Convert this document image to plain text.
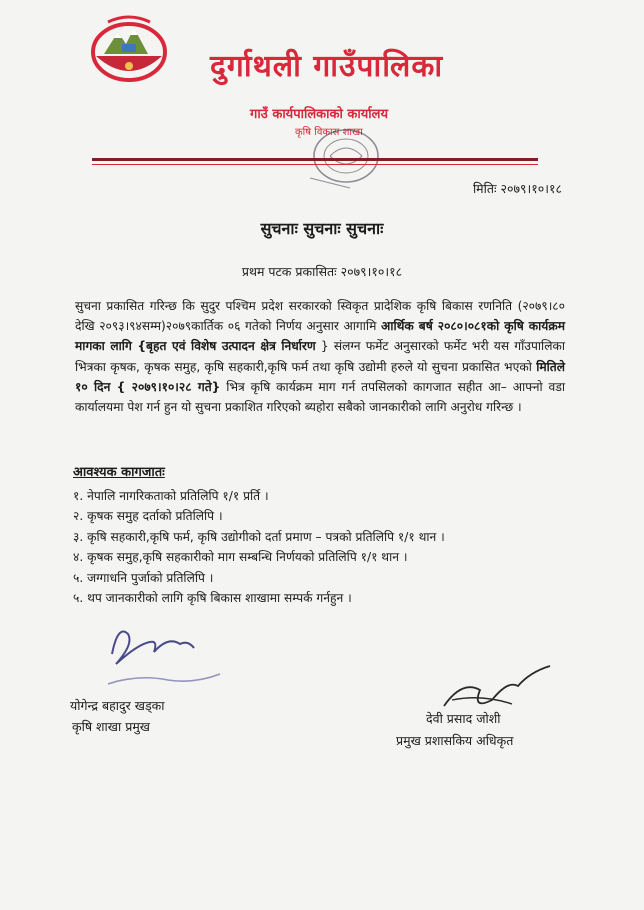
दुर्गाथली गाउँपालिका
गाउँ कार्यपालिकाको कार्यालय
कृषि विकास शाखा
मितिः २०७९।१०।१८
सुचनाः सुचनाः सुचनाः
प्रथम पटक प्रकासितः २०७९।१०।१८
सुचना प्रकासित गरिन्छ कि सुदुर पश्चिम प्रदेश सरकारको स्विकृत प्रादेशिक कृषि बिकास रणनिति (२०७९।८० देखि २०९३।९४सम्म)२०७९कार्तिक ०६ गतेको निर्णय अनुसार आगामि आर्थिक बर्ष २०८०।०८१को कृषि कार्यक्रम मागका लागि {बृहत एवं विशेष उत्पादन क्षेत्र निर्धारण } संलग्न फर्मेट अनुसारको फर्मेट भरी यस गाँउपालिका भित्रका कृषक, कृषक समुह, कृषि सहकारी,कृषि फर्म तथा कृषि उद्योमी हरुले यो सुचना प्रकासित भएको मितिले १० दिन { २०७९।१०।२८ गते} भित्र कृषि कार्यक्रम माग गर्न तपसिलको कागजात सहीत आ– आफ्नो वडा कार्यालयमा पेश गर्न हुन यो सुचना प्रकाशित गरिएको ब्यहोरा सबैको जानकारीको लागि अनुरोध गरिन्छ ।
आवश्यक कागजातः
१. नेपालि नागरिकताको प्रतिलिपि १/१ प्रर्ति ।
२. कृषक समुह दर्ताको प्रतिलिपि ।
३. कृषि सहकारी,कृषि फर्म, कृषि उद्योगीको दर्ता प्रमाण – पत्रको प्रतिलिपि १/१ थान ।
४. कृषक समुह,कृषि सहकारीको माग सम्बन्धि निर्णयको प्रतिलिपि १/१ थान ।
५. जग्गाधनि पुर्जाको प्रतिलिपि ।
५. थप जानकारीको लागि कृषि बिकास शाखामा सम्पर्क गर्नहुन ।
योगेन्द्र बहादुर खड्का
कृषि शाखा प्रमुख
देवी प्रसाद जोशी
प्रमुख प्रशासकिय अधिकृत
